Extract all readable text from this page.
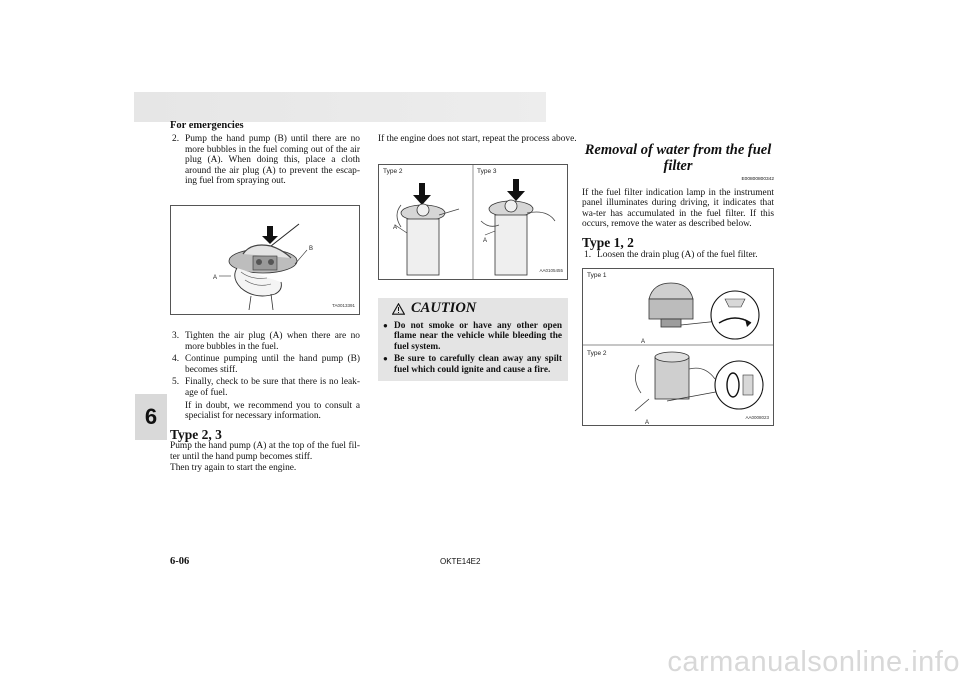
For emergencies
6
2. Pump the hand pump (B) until there are no more bubbles in the fuel coming out of the air plug (A). When doing this, place a cloth around the air plug (A) to prevent the escap-ing fuel from spraying out.
B
A
TA0013391
3. Tighten the air plug (A) when there are no more bubbles in the fuel.
4. Continue pumping until the hand pump (B) becomes stiff.
5. Finally, check to be sure that there is no leak-age of fuel.
If in doubt, we recommend you to consult a specialist for necessary information.
Type 2, 3
Pump the hand pump (A) at the top of the fuel fil-ter until the hand pump becomes stiff.
Then try again to start the engine.
If the engine does not start, repeat the process above.
Type 2	Type 3
A
A
AA0105455
CAUTION
● Do not smoke or have any other open flame near the vehicle while bleeding the fuel system.
● Be sure to carefully clean away any spilt fuel which could ignite and cause a fire.
Removal of water from the fuel filter
E00800800342
If the fuel filter indication lamp in the instrument panel illuminates during driving, it indicates that wa-ter has accumulated in the fuel filter. If this occurs, remove the water as described below.
Type 1, 2
1. Loosen the drain plug (A) of the fuel filter.
Type 1
Type 2
A
A
AA0008023
6-06	OKTE14E2
carmanualsonline.info
